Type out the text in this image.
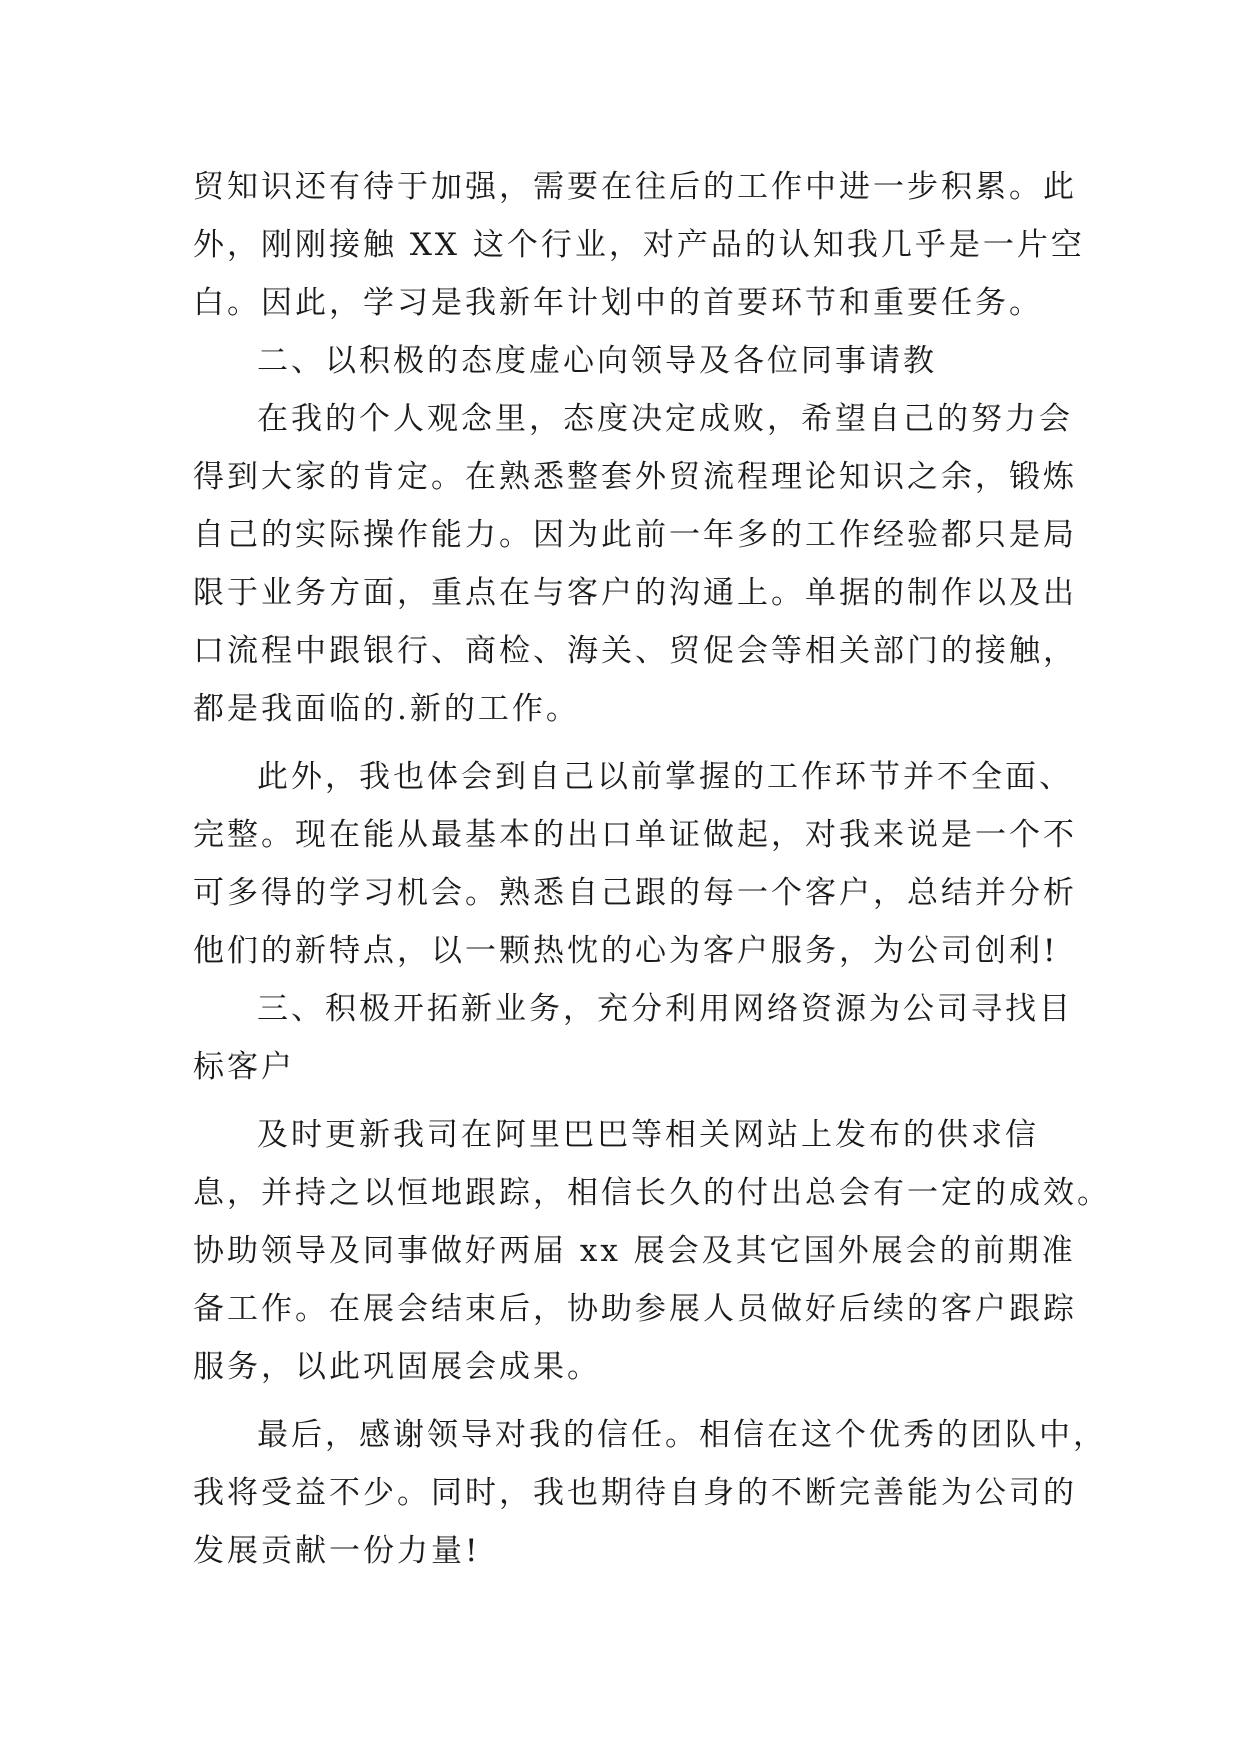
贸知识还有待于加强，需要在往后的工作中进一步积累。此
外，刚刚接触 XX 这个行业，对产品的认知我几乎是一片空
白。因此，学习是我新年计划中的首要环节和重要任务。
二、以积极的态度虚心向领导及各位同事请教
在我的个人观念里，态度决定成败，希望自己的努力会
得到大家的肯定。在熟悉整套外贸流程理论知识之余，锻炼
自己的实际操作能力。因为此前一年多的工作经验都只是局
限于业务方面，重点在与客户的沟通上。单据的制作以及出
口流程中跟银行、商检、海关、贸促会等相关部门的接触，
都是我面临的.新的工作。
此外，我也体会到自己以前掌握的工作环节并不全面、
完整。现在能从最基本的出口单证做起，对我来说是一个不
可多得的学习机会。熟悉自己跟的每一个客户，总结并分析
他们的新特点，以一颗热忱的心为客户服务，为公司创利!
三、积极开拓新业务，充分利用网络资源为公司寻找目
标客户
及时更新我司在阿里巴巴等相关网站上发布的供求信
息，并持之以恒地跟踪，相信长久的付出总会有一定的成效。
协助领导及同事做好两届 xx 展会及其它国外展会的前期准
备工作。在展会结束后，协助参展人员做好后续的客户跟踪
服务，以此巩固展会成果。
最后，感谢领导对我的信任。相信在这个优秀的团队中，
我将受益不少。同时，我也期待自身的不断完善能为公司的
发展贡献一份力量!
